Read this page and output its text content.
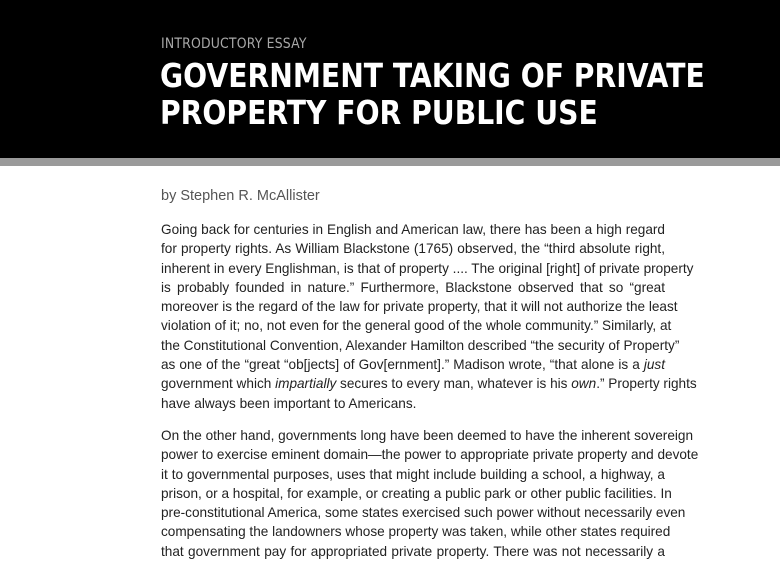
INTRODUCTORY ESSAY
GOVERNMENT TAKING OF PRIVATE
PROPERTY FOR PUBLIC USE

by Stephen R. McAllister

Going back for centuries in English and American law, there has been a high regard
for property rights. As William Blackstone (1765) observed, the “third absolute right,
inherent in every Englishman, is that of property .... The original [right] of private property
is probably founded in nature.” Furthermore, Blackstone observed that so “great
moreover is the regard of the law for private property, that it will not authorize the least
violation of it; no, not even for the general good of the whole community.” Similarly, at
the Constitutional Convention, Alexander Hamilton described “the security of Property”
as one of the “great “ob[jects] of Gov[ernment].” Madison wrote, “that alone is a just
government which impartially secures to every man, whatever is his own.” Property rights
have always been important to Americans.

On the other hand, governments long have been deemed to have the inherent sovereign
power to exercise eminent domain—the power to appropriate private property and devote
it to governmental purposes, uses that might include building a school, a highway, a
prison, or a hospital, for example, or creating a public park or other public facilities. In
pre-constitutional America, some states exercised such power without necessarily even
compensating the landowners whose property was taken, while other states required
that government pay for appropriated private property. There was not necessarily a
